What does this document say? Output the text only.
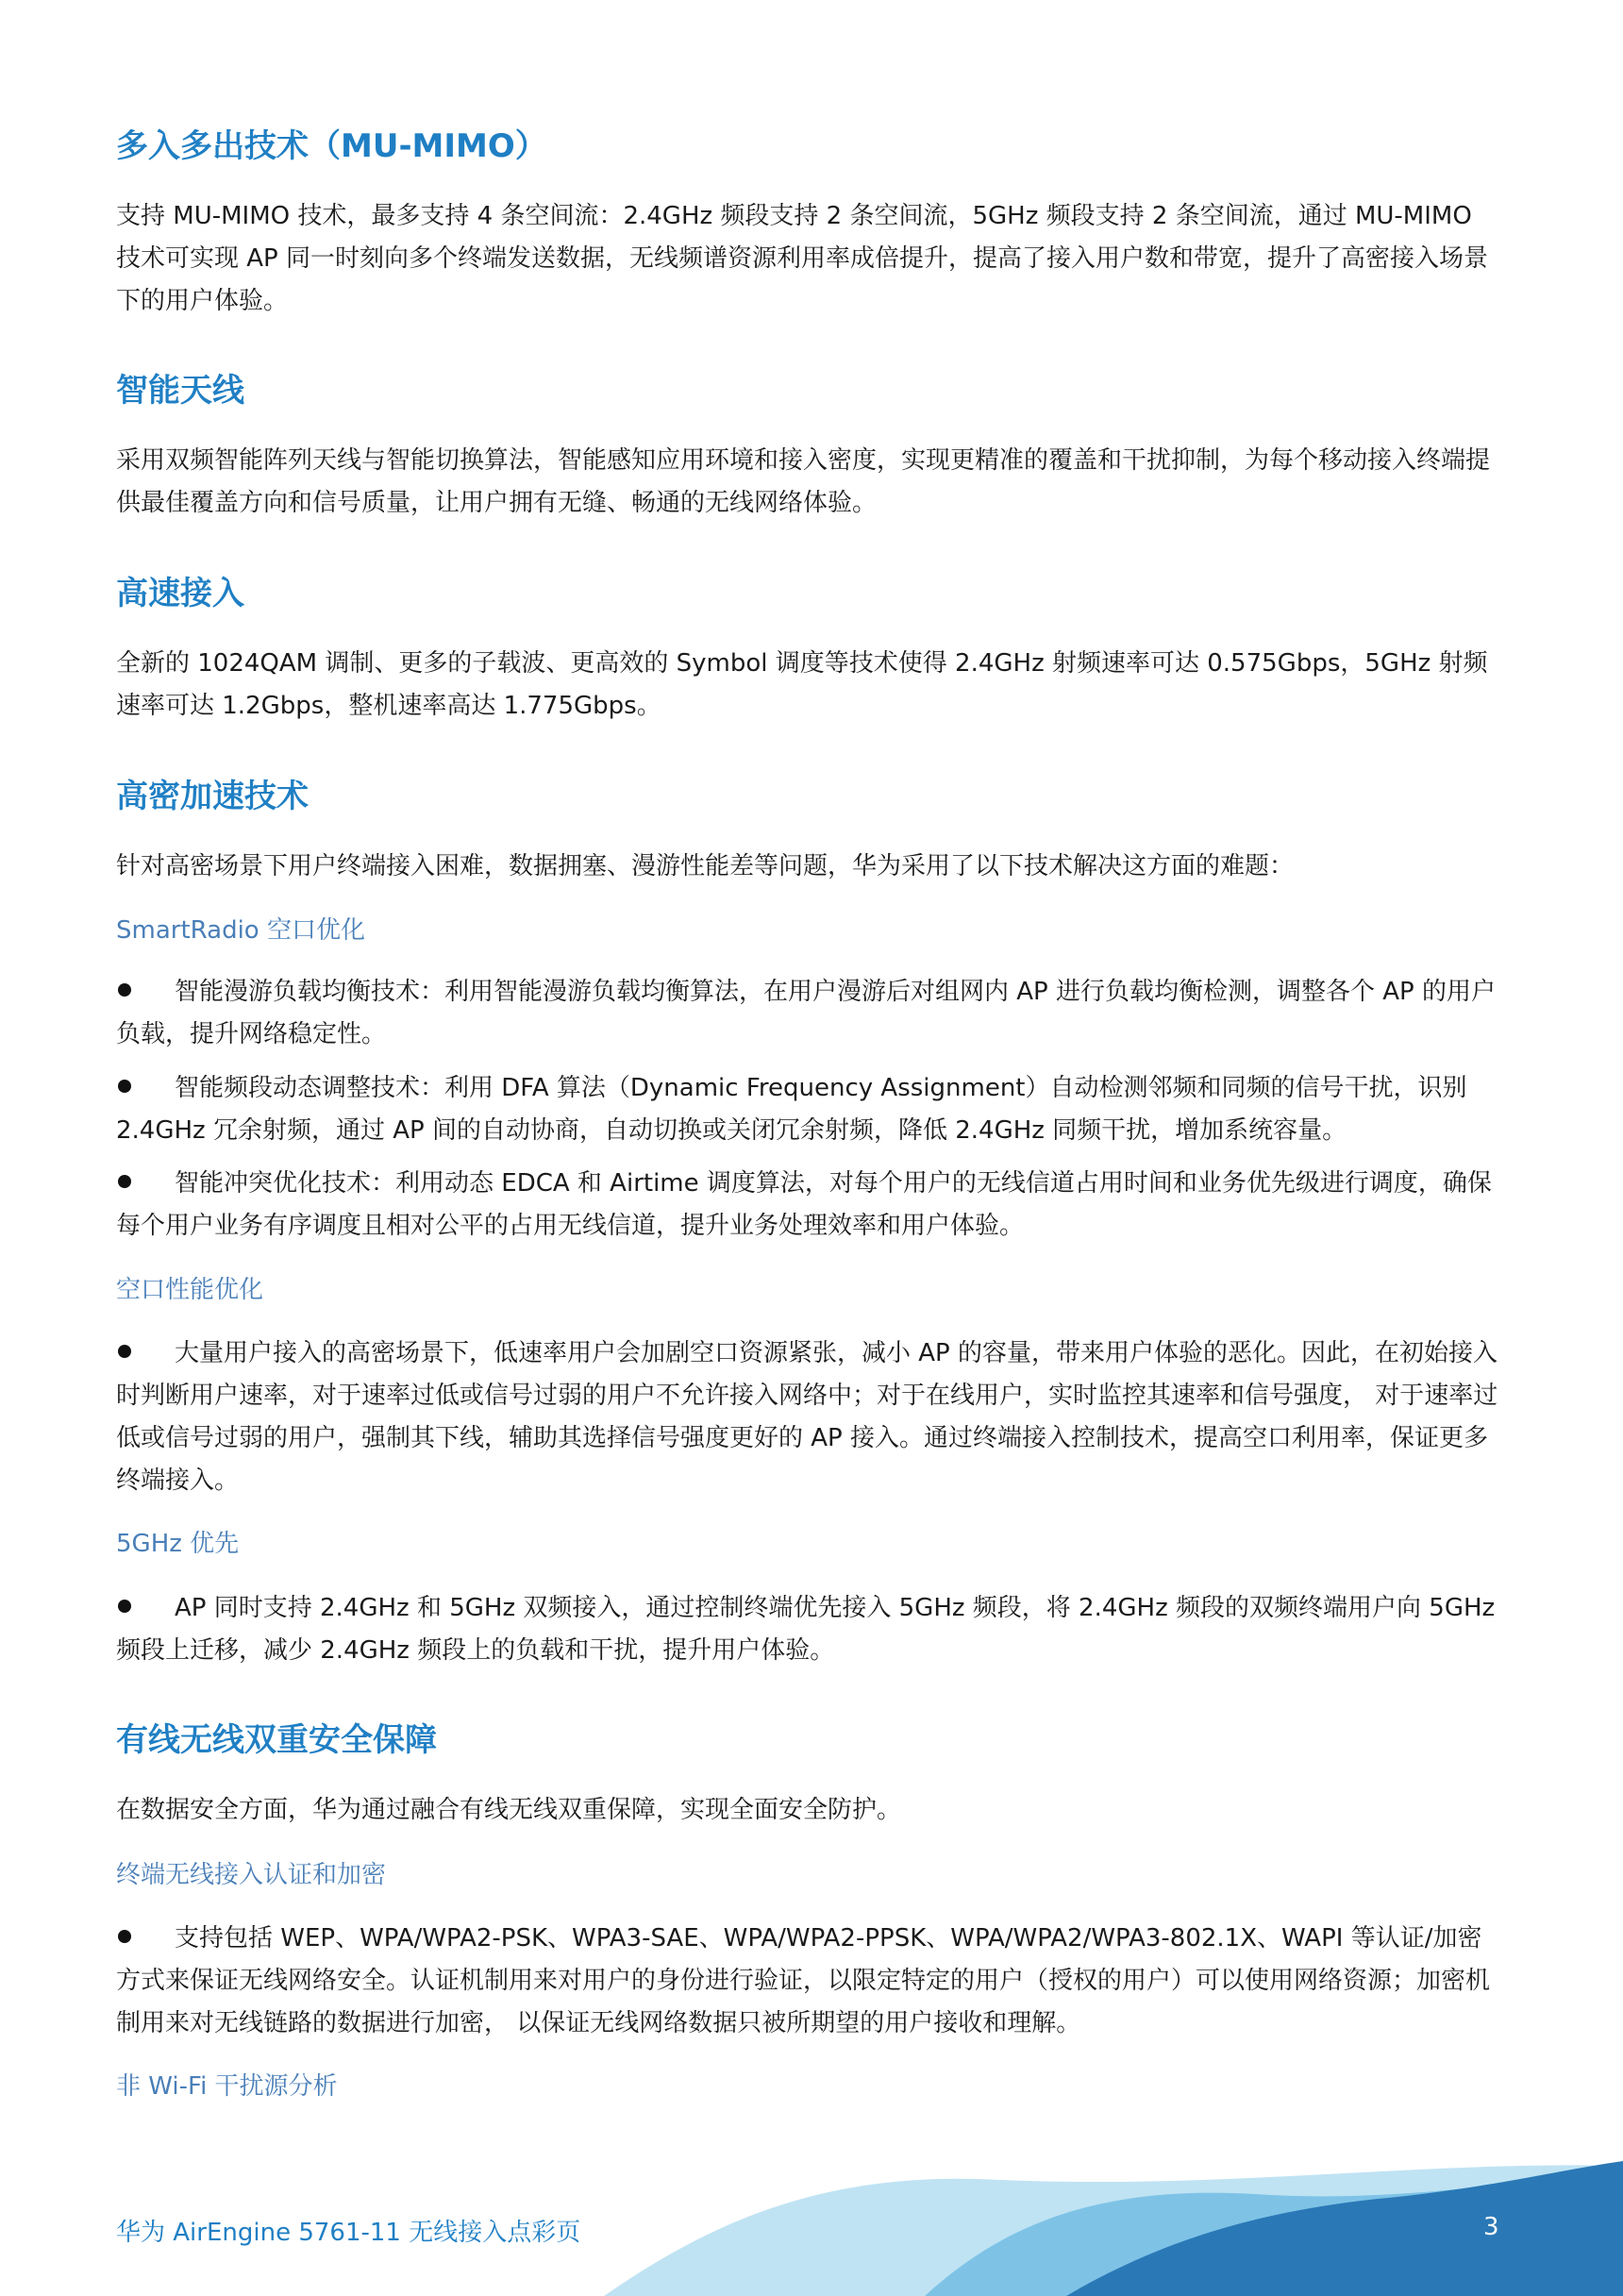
多入多出技术（MU-MIMO）

支持 MU-MIMO 技术，最多支持 4 条空间流：2.4GHz 频段支持 2 条空间流，5GHz 频段支持 2 条空间流，通过 MU-MIMO 技术可实现 AP 同一时刻向多个终端发送数据，无线频谱资源利用率成倍提升，提高了接入用户数和带宽，提升了高密接入场景下的用户体验。

智能天线

采用双频智能阵列天线与智能切换算法，智能感知应用环境和接入密度，实现更精准的覆盖和干扰抑制，为每个移动接入终端提供最佳覆盖方向和信号质量，让用户拥有无缝、畅通的无线网络体验。

高速接入

全新的 1024QAM 调制、更多的子载波、更高效的 Symbol 调度等技术使得 2.4GHz 射频速率可达 0.575Gbps，5GHz 射频速率可达 1.2Gbps，整机速率高达 1.775Gbps。

高密加速技术

针对高密场景下用户终端接入困难，数据拥塞、漫游性能差等问题，华为采用了以下技术解决这方面的难题：

SmartRadio 空口优化
智能漫游负载均衡技术：利用智能漫游负载均衡算法，在用户漫游后对组网内 AP 进行负载均衡检测，调整各个 AP 的用户负载，提升网络稳定性。
智能频段动态调整技术：利用 DFA 算法（Dynamic Frequency Assignment）自动检测邻频和同频的信号干扰，识别 2.4GHz 冗余射频，通过 AP 间的自动协商，自动切换或关闭冗余射频，降低 2.4GHz 同频干扰，增加系统容量。
智能冲突优化技术：利用动态 EDCA 和 Airtime 调度算法，对每个用户的无线信道占用时间和业务优先级进行调度，确保每个用户业务有序调度且相对公平的占用无线信道，提升业务处理效率和用户体验。
空口性能优化
大量用户接入的高密场景下，低速率用户会加剧空口资源紧张，减小 AP 的容量，带来用户体验的恶化。因此，在初始接入时判断用户速率，对于速率过低或信号过弱的用户不允许接入网络中；对于在线用户，实时监控其速率和信号强度， 对于速率过低或信号过弱的用户，强制其下线，辅助其选择信号强度更好的 AP 接入。通过终端接入控制技术，提高空口利用率，保证更多终端接入。
5GHz 优先
AP 同时支持 2.4GHz 和 5GHz 双频接入，通过控制终端优先接入 5GHz 频段，将 2.4GHz 频段的双频终端用户向 5GHz 频段上迁移，减少 2.4GHz 频段上的负载和干扰，提升用户体验。
有线无线双重安全保障

在数据安全方面，华为通过融合有线无线双重保障，实现全面安全防护。

终端无线接入认证和加密
支持包括 WEP、WPA/WPA2-PSK、WPA3-SAE、WPA/WPA2-PPSK、WPA/WPA2/WPA3-802.1X、WAPI 等认证/加密方式来保证无线网络安全。认证机制用来对用户的身份进行验证，以限定特定的用户（授权的用户）可以使用网络资源；加密机制用来对无线链路的数据进行加密， 以保证无线网络数据只被所期望的用户接收和理解。
非 Wi-Fi 干扰源分析
华为 AirEngine 5761-11 无线接入点彩页	3
